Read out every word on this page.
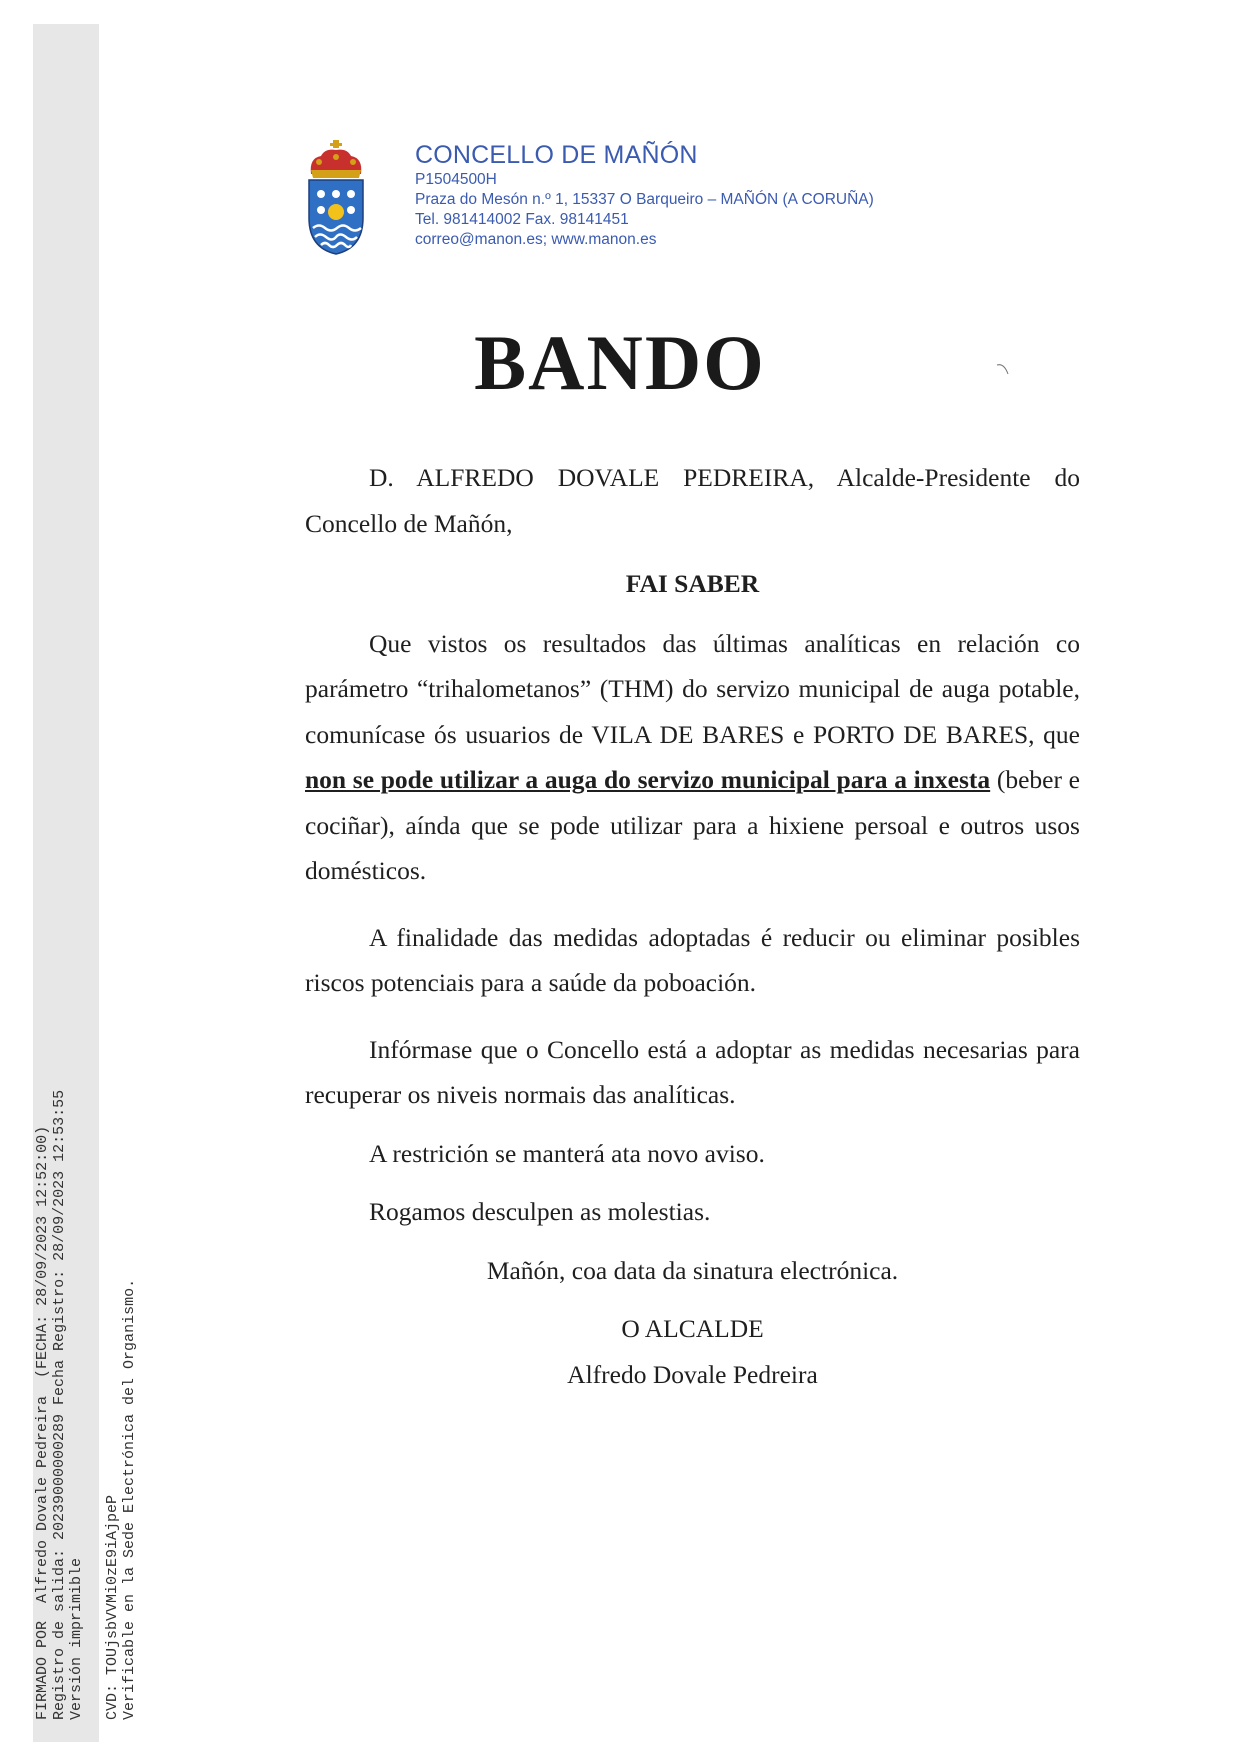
FIRMADO POR  Alfredo Dovale Pedreira  (FECHA: 28/09/2023 12:52:00) Registro de salida: 20239000000289 Fecha Registro: 28/09/2023 12:53:55 Versión imprimible CVD: TOUjsbVVMi0zE9iAjpeP Verificable en la Sede Electrónica del Organismo.

CONCELLO DE MAÑÓN

P1504500H

Praza do Mesón n.º 1, 15337 O Barqueiro – MAÑÓN (A CORUÑA)

Tel. 981414002 Fax. 98141451

correo@manon.es; www.manon.es

BANDO

D. ALFREDO DOVALE PEDREIRA, Alcalde-Presidente do Concello de Mañón,

FAI SABER

Que vistos os resultados das últimas analíticas en relación co parámetro “trihalometanos” (THM) do servizo municipal de auga potable, comunícase ós usuarios de VILA DE BARES e PORTO DE BARES, que non se pode utilizar a auga do servizo municipal para a inxesta (beber e cociñar), aínda que se pode utilizar para a hixiene persoal e outros usos domésticos.

A finalidade das medidas adoptadas é reducir ou eliminar posibles riscos potenciais para a saúde da poboación.

Infórmase que o Concello está a adoptar as medidas necesarias para recuperar os niveis normais das analíticas.

A restrición se manterá ata novo aviso.

Rogamos desculpen as molestias.

Mañón, coa data da sinatura electrónica.

O ALCALDE

Alfredo Dovale Pedreira
